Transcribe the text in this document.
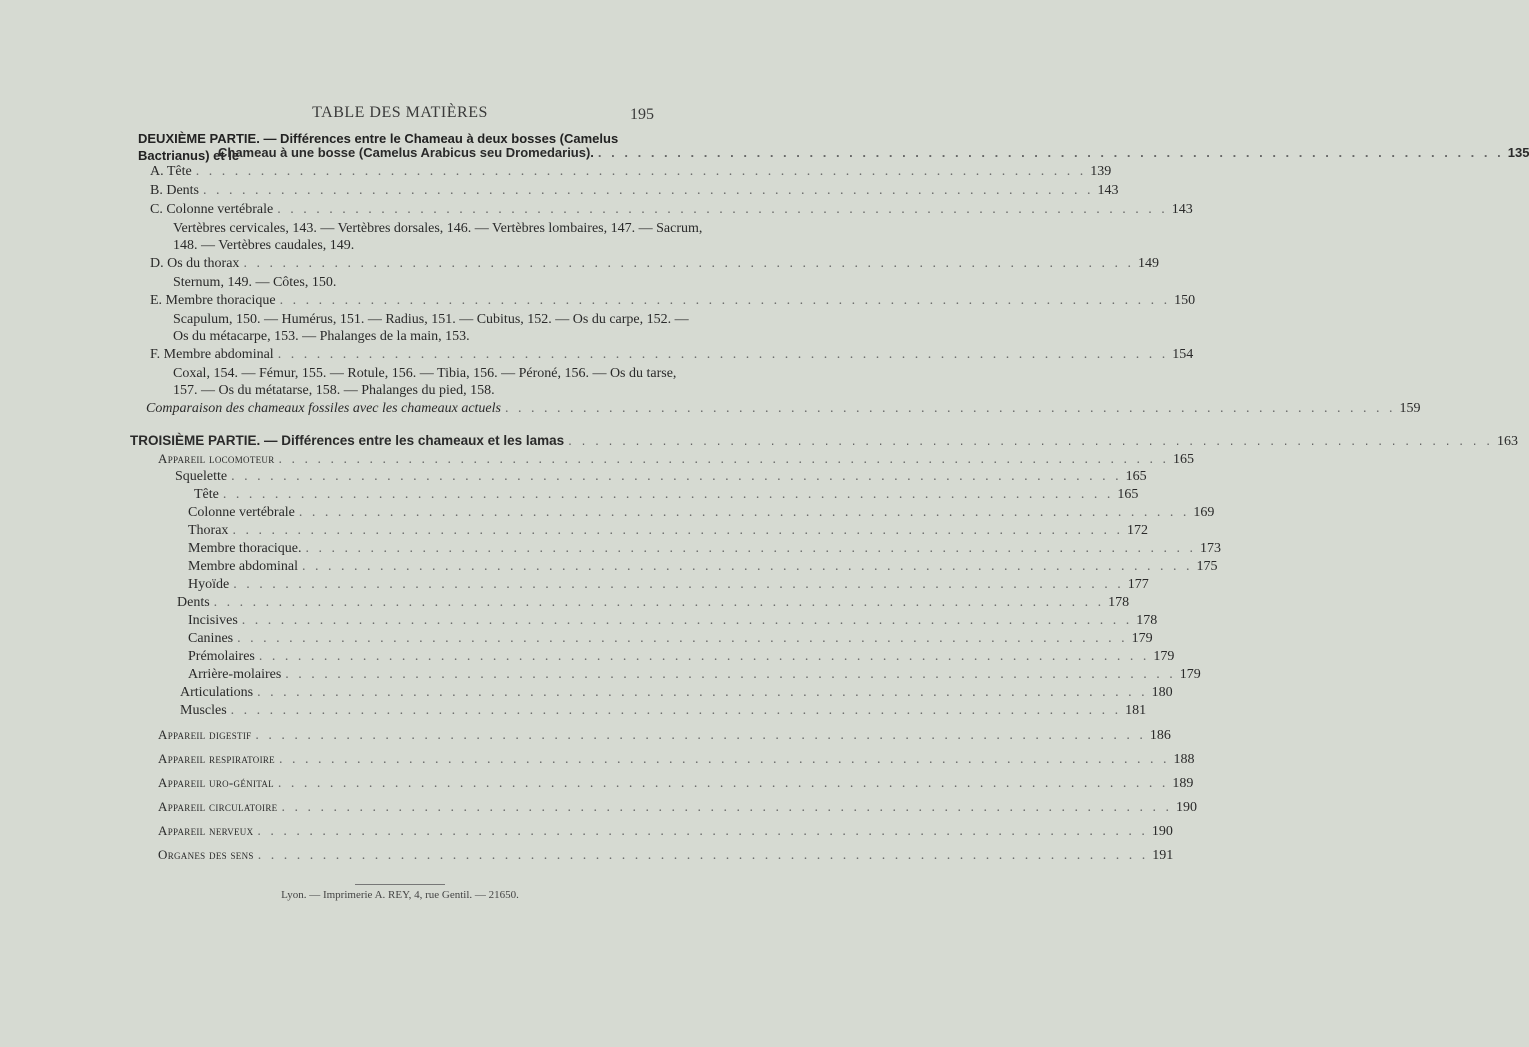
TABLE DES MATIÈRES	195
DEUXIÈME PARTIE. — Différences entre le Chameau à deux bosses (Camelus Bactrianus) et le
Chameau à une bosse (Camelus Arabicus seu Dromedarius). . . . . . . . . . . . . . . . . . . . . . . . . . . . . . . . . . . . . . . . . . . . . . . . . . . . . . . . . . . . . . . . . . . . . . 135
A. Tête . . . . . . . . . . . . . . . . . . . . . . . . . . . . . . . . . . . . . . . . . . . . . . . . . . . . . . . . . . . . . . . . . . . . . 139
B. Dents . . . . . . . . . . . . . . . . . . . . . . . . . . . . . . . . . . . . . . . . . . . . . . . . . . . . . . . . . . . . . . . . . . . . . 143
C. Colonne vertébrale . . . . . . . . . . . . . . . . . . . . . . . . . . . . . . . . . . . . . . . . . . . . . . . . . . . . . . . . . . . . . . . . . . . . . 143
Vertèbres cervicales, 143. — Vertèbres dorsales, 146. — Vertèbres lombaires, 147. — Sacrum,
148. — Vertèbres caudales, 149.
D. Os du thorax . . . . . . . . . . . . . . . . . . . . . . . . . . . . . . . . . . . . . . . . . . . . . . . . . . . . . . . . . . . . . . . . . . . . . 149
Sternum, 149. — Côtes, 150.
E. Membre thoracique . . . . . . . . . . . . . . . . . . . . . . . . . . . . . . . . . . . . . . . . . . . . . . . . . . . . . . . . . . . . . . . . . . . . . 150
Scapulum, 150. — Humérus, 151. — Radius, 151. — Cubitus, 152. — Os du carpe, 152. —
Os du métacarpe, 153. — Phalanges de la main, 153.
F. Membre abdominal . . . . . . . . . . . . . . . . . . . . . . . . . . . . . . . . . . . . . . . . . . . . . . . . . . . . . . . . . . . . . . . . . . . . . 154
Coxal, 154. — Fémur, 155. — Rotule, 156. — Tibia, 156. — Péroné, 156. — Os du tarse,
157. — Os du métatarse, 158. — Phalanges du pied, 158.
Comparaison des chameaux fossiles avec les chameaux actuels . . . . . . . . . . . . . . . . . . . . . . . . . . . . . . . . . . . . . . . . . . . . . . . . . . . . . . . . . . . . . . . . . . . . . 159
TROISIÈME PARTIE. — Différences entre les chameaux et les lamas . . . . . . . . . . . . . . . . . . . . . . . . . . . . . . . . . . . . . . . . . . . . . . . . . . . . . . . . . . . . . . . . . . . . . 163
Appareil locomoteur . . . . . . . . . . . . . . . . . . . . . . . . . . . . . . . . . . . . . . . . . . . . . . . . . . . . . . . . . . . . . . . . . . . . . 165
Squelette . . . . . . . . . . . . . . . . . . . . . . . . . . . . . . . . . . . . . . . . . . . . . . . . . . . . . . . . . . . . . . . . . . . . . 165
Tête . . . . . . . . . . . . . . . . . . . . . . . . . . . . . . . . . . . . . . . . . . . . . . . . . . . . . . . . . . . . . . . . . . . . . 165
Colonne vertébrale . . . . . . . . . . . . . . . . . . . . . . . . . . . . . . . . . . . . . . . . . . . . . . . . . . . . . . . . . . . . . . . . . . . . . 169
Thorax . . . . . . . . . . . . . . . . . . . . . . . . . . . . . . . . . . . . . . . . . . . . . . . . . . . . . . . . . . . . . . . . . . . . . 172
Membre thoracique. . . . . . . . . . . . . . . . . . . . . . . . . . . . . . . . . . . . . . . . . . . . . . . . . . . . . . . . . . . . . . . . . . . . . . 173
Membre abdominal . . . . . . . . . . . . . . . . . . . . . . . . . . . . . . . . . . . . . . . . . . . . . . . . . . . . . . . . . . . . . . . . . . . . . 175
Hyoïde . . . . . . . . . . . . . . . . . . . . . . . . . . . . . . . . . . . . . . . . . . . . . . . . . . . . . . . . . . . . . . . . . . . . . 177
Dents . . . . . . . . . . . . . . . . . . . . . . . . . . . . . . . . . . . . . . . . . . . . . . . . . . . . . . . . . . . . . . . . . . . . . 178
Incisives . . . . . . . . . . . . . . . . . . . . . . . . . . . . . . . . . . . . . . . . . . . . . . . . . . . . . . . . . . . . . . . . . . . . . 178
Canines . . . . . . . . . . . . . . . . . . . . . . . . . . . . . . . . . . . . . . . . . . . . . . . . . . . . . . . . . . . . . . . . . . . . . 179
Prémolaires . . . . . . . . . . . . . . . . . . . . . . . . . . . . . . . . . . . . . . . . . . . . . . . . . . . . . . . . . . . . . . . . . . . . . 179
Arrière-molaires . . . . . . . . . . . . . . . . . . . . . . . . . . . . . . . . . . . . . . . . . . . . . . . . . . . . . . . . . . . . . . . . . . . . . 179
Articulations . . . . . . . . . . . . . . . . . . . . . . . . . . . . . . . . . . . . . . . . . . . . . . . . . . . . . . . . . . . . . . . . . . . . . 180
Muscles . . . . . . . . . . . . . . . . . . . . . . . . . . . . . . . . . . . . . . . . . . . . . . . . . . . . . . . . . . . . . . . . . . . . . 181
Appareil digestif . . . . . . . . . . . . . . . . . . . . . . . . . . . . . . . . . . . . . . . . . . . . . . . . . . . . . . . . . . . . . . . . . . . . . 186
Appareil respiratoire . . . . . . . . . . . . . . . . . . . . . . . . . . . . . . . . . . . . . . . . . . . . . . . . . . . . . . . . . . . . . . . . . . . . . 188
Appareil uro-génital . . . . . . . . . . . . . . . . . . . . . . . . . . . . . . . . . . . . . . . . . . . . . . . . . . . . . . . . . . . . . . . . . . . . . 189
Appareil circulatoire . . . . . . . . . . . . . . . . . . . . . . . . . . . . . . . . . . . . . . . . . . . . . . . . . . . . . . . . . . . . . . . . . . . . . 190
Appareil nerveux . . . . . . . . . . . . . . . . . . . . . . . . . . . . . . . . . . . . . . . . . . . . . . . . . . . . . . . . . . . . . . . . . . . . . 190
Organes des sens . . . . . . . . . . . . . . . . . . . . . . . . . . . . . . . . . . . . . . . . . . . . . . . . . . . . . . . . . . . . . . . . . . . . . 191
Lyon. — Imprimerie A. REY, 4, rue Gentil. — 21650.
